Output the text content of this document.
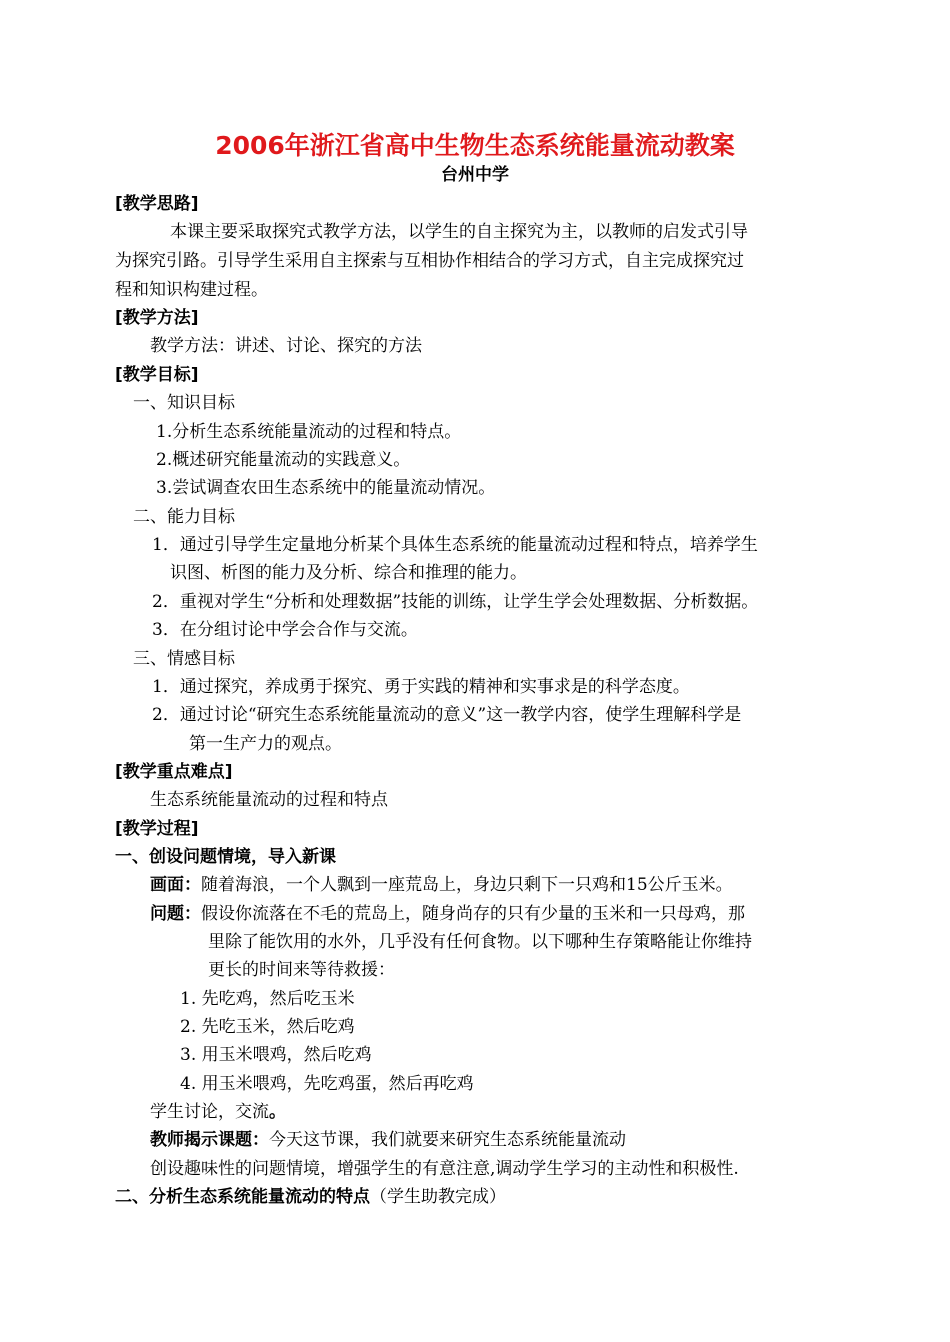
2006年浙江省高中生物生态系统能量流动教案
台州中学
[教学思路]
本课主要采取探究式教学方法，以学生的自主探究为主，以教师的启发式引导
为探究引路。引导学生采用自主探索与互相协作相结合的学习方式，自主完成探究过
程和知识构建过程。
[教学方法]
教学方法：讲述、讨论、探究的方法
[教学目标]
一、知识目标
1.分析生态系统能量流动的过程和特点。
2.概述研究能量流动的实践意义。
3.尝试调查农田生态系统中的能量流动情况。
二、能力目标
1．通过引导学生定量地分析某个具体生态系统的能量流动过程和特点，培养学生
识图、析图的能力及分析、综合和推理的能力。
2．重视对学生“分析和处理数据”技能的训练，让学生学会处理数据、分析数据。
3．在分组讨论中学会合作与交流。
三、情感目标
1．通过探究，养成勇于探究、勇于实践的精神和实事求是的科学态度。
2．通过讨论“研究生态系统能量流动的意义”这一教学内容，使学生理解科学是
第一生产力的观点。
[教学重点难点]
生态系统能量流动的过程和特点
[教学过程]
一、创设问题情境，导入新课
画面：随着海浪，一个人飘到一座荒岛上，身边只剩下一只鸡和15公斤玉米。
问题：假设你流落在不毛的荒岛上，随身尚存的只有少量的玉米和一只母鸡，那
里除了能饮用的水外，几乎没有任何食物。以下哪种生存策略能让你维持
更长的时间来等待救援：
1. 先吃鸡，然后吃玉米
2. 先吃玉米，然后吃鸡
3. 用玉米喂鸡，然后吃鸡
4. 用玉米喂鸡，先吃鸡蛋，然后再吃鸡
学生讨论，交流。
教师揭示课题：今天这节课，我们就要来研究生态系统能量流动
创设趣味性的问题情境，增强学生的有意注意,调动学生学习的主动性和积极性.
二、分析生态系统能量流动的特点（学生助教完成）
